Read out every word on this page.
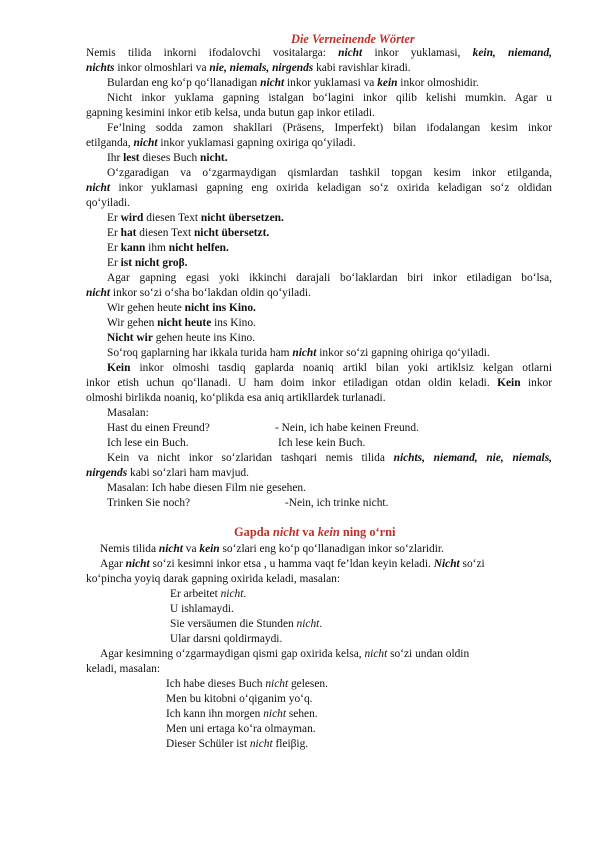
Die Verneinende Wörter
Nemis tilida inkorni ifodalovchi vositalarga: nicht inkor yuklamasi, kein, niemand,
nichts inkor olmoshlari va nie, niemals, nirgends kabi ravishlar kiradi.
Bulardan eng ko‘p qo‘llanadigan nicht inkor yuklamasi va kein inkor olmoshidir.
Nicht inkor yuklama gapning istalgan bo‘lagini inkor qilib kelishi mumkin. Agar u
gapning kesimini inkor etib kelsa, unda butun gap inkor etiladi.
Fe’lning sodda zamon shakllari (Präsens, Imperfekt) bilan ifodalangan kesim inkor
etilganda, nicht inkor yuklamasi gapning oxiriga qo‘yiladi.
Ihr lest dieses Buch nicht.
O‘zgaradigan va o‘zgarmaydigan qismlardan tashkil topgan kesim inkor etilganda,
nicht inkor yuklamasi gapning eng oxirida keladigan so‘z oxirida keladigan so‘z oldidan
qo‘yiladi.
Er wird diesen Text nicht übersetzen.
Er hat diesen Text nicht übersetzt.
Er kann ihm nicht helfen.
Er ist nicht groβ.
Agar gapning egasi yoki ikkinchi darajali bo‘laklardan biri inkor etiladigan bo‘lsa,
nicht inkor so‘zi o‘sha bo‘lakdan oldin qo‘yiladi.
Wir gehen heute nicht ins Kino.
Wir gehen nicht heute ins Kino.
Nicht wir gehen heute ins Kino.
So‘roq gaplarning har ikkala turida ham nicht inkor so‘zi gapning ohiriga qo‘yiladi.
Kein inkor olmoshi tasdiq gaplarda noaniq artikl bilan yoki artiklsiz kelgan otlarni
inkor etish uchun qo‘llanadi. U ham doim inkor etiladigan otdan oldin keladi. Kein inkor
olmoshi birlikda noaniq, ko‘plikda esa aniq artikllardek turlanadi.
Masalan:
Hast du einen Freund?	- Nein, ich habe keinen Freund.
Ich lese ein Buch.	Ich lese kein Buch.
Kein va nicht inkor so‘zlaridan tashqari nemis tilida nichts, niemand, nie, niemals,
nirgends kabi so‘zlari ham mavjud.
Masalan: Ich habe diesen Film nie gesehen.
Trinken Sie noch?	-Nein, ich trinke nicht.
Gapda nicht va kein ning o‘rni
Nemis tilida nicht va kein so‘zlari eng ko‘p qo‘llanadigan inkor so‘zlaridir.
Agar nicht so‘zi kesimni inkor etsa , u hamma vaqt fe’ldan keyin keladi. Nicht so‘zi
ko‘pincha yoyiq darak gapning oxirida keladi, masalan:
Er arbeitet nicht.
U ishlamaydi.
Sie versäumen die Stunden nicht.
Ular darsni qoldirmaydi.
Agar kesimning o‘zgarmaydigan qismi gap oxirida kelsa, nicht so‘zi undan oldin
keladi, masalan:
Ich habe dieses Buch nicht gelesen.
Men bu kitobni o‘qiganim yo‘q.
Ich kann ihn morgen nicht sehen.
Men uni ertaga ko‘ra olmayman.
Dieser Schüler ist nicht fleiβig.
